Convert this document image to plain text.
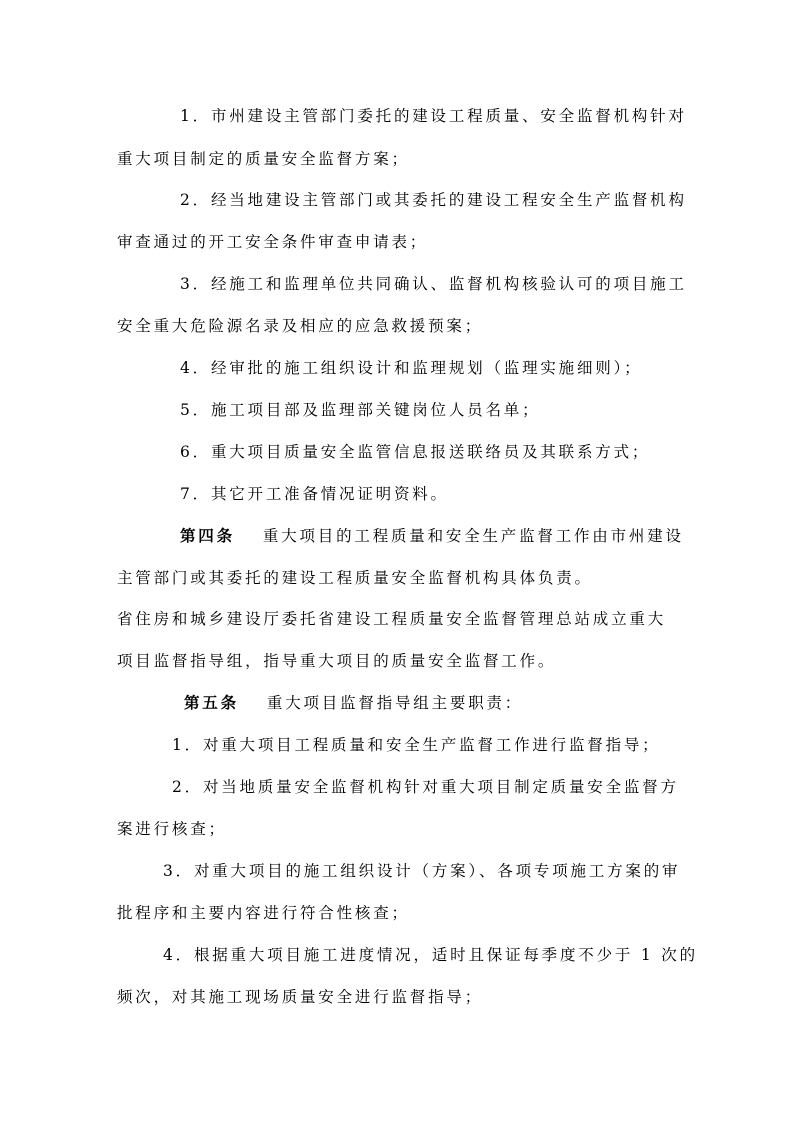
1．市州建设主管部门委托的建设工程质量、安全监督机构针对
重大项目制定的质量安全监督方案；
2．经当地建设主管部门或其委托的建设工程安全生产监督机构
审查通过的开工安全条件审查申请表；
3．经施工和监理单位共同确认、监督机构核验认可的项目施工
安全重大危险源名录及相应的应急救援预案；
4．经审批的施工组织设计和监理规划（监理实施细则）；
5．施工项目部及监理部关键岗位人员名单；
6．重大项目质量安全监管信息报送联络员及其联系方式；
7．其它开工准备情况证明资料。
第四条 重大项目的工程质量和安全生产监督工作由市州建设
主管部门或其委托的建设工程质量安全监督机构具体负责。
省住房和城乡建设厅委托省建设工程质量安全监督管理总站成立重大
项目监督指导组，指导重大项目的质量安全监督工作。
第五条 重大项目监督指导组主要职责：
1．对重大项目工程质量和安全生产监督工作进行监督指导；
2．对当地质量安全监督机构针对重大项目制定质量安全监督方
案进行核查；
3．对重大项目的施工组织设计（方案）、各项专项施工方案的审
批程序和主要内容进行符合性核查；
4．根据重大项目施工进度情况，适时且保证每季度不少于 1 次的
频次，对其施工现场质量安全进行监督指导；
